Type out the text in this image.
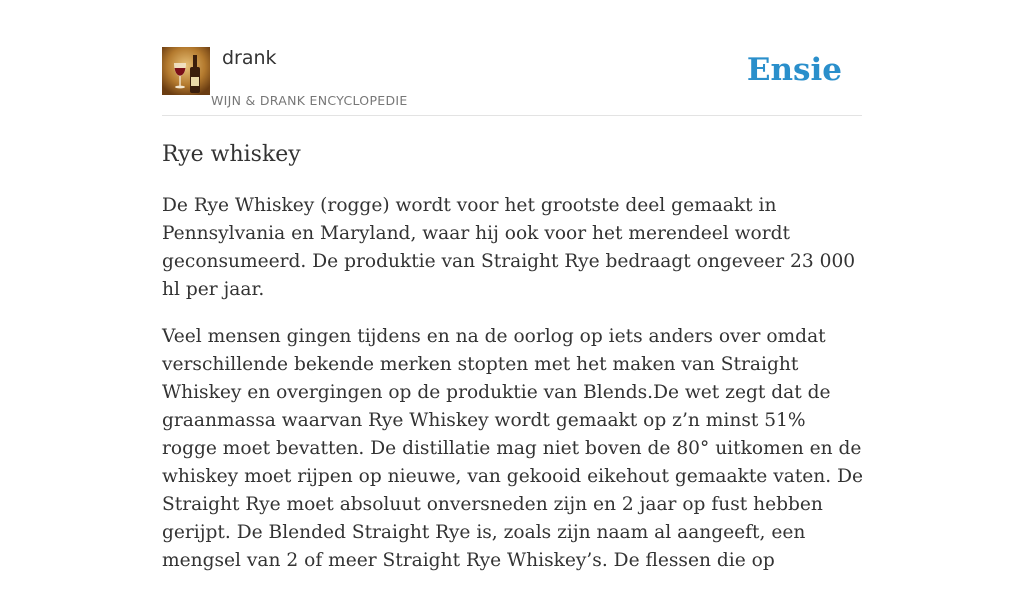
drank
WIJN & DRANK ENCYCLOPEDIE
Ensie
Rye whiskey

De Rye Whiskey (rogge) wordt voor het grootste deel gemaakt in Pennsylvania en Maryland, waar hij ook voor het merendeel wordt geconsumeerd. De produktie van Straight Rye bedraagt ongeveer 23 000 hl per jaar.

Veel mensen gingen tijdens en na de oorlog op iets anders over omdat verschillende bekende merken stopten met het maken van Straight Whiskey en overgingen op de produktie van Blends.De wet zegt dat de graanmassa waarvan Rye Whiskey wordt gemaakt op z’n minst 51% rogge moet bevatten. De distillatie mag niet boven de 80° uitkomen en de whiskey moet rijpen op nieuwe, van gekooid eikehout gemaakte vaten. De Straight Rye moet absoluut onversneden zijn en 2 jaar op fust hebben gerijpt. De Blended Straight Rye is, zoals zijn naam al aangeeft, een mengsel van 2 of meer Straight Rye Whiskey’s. De flessen die op
